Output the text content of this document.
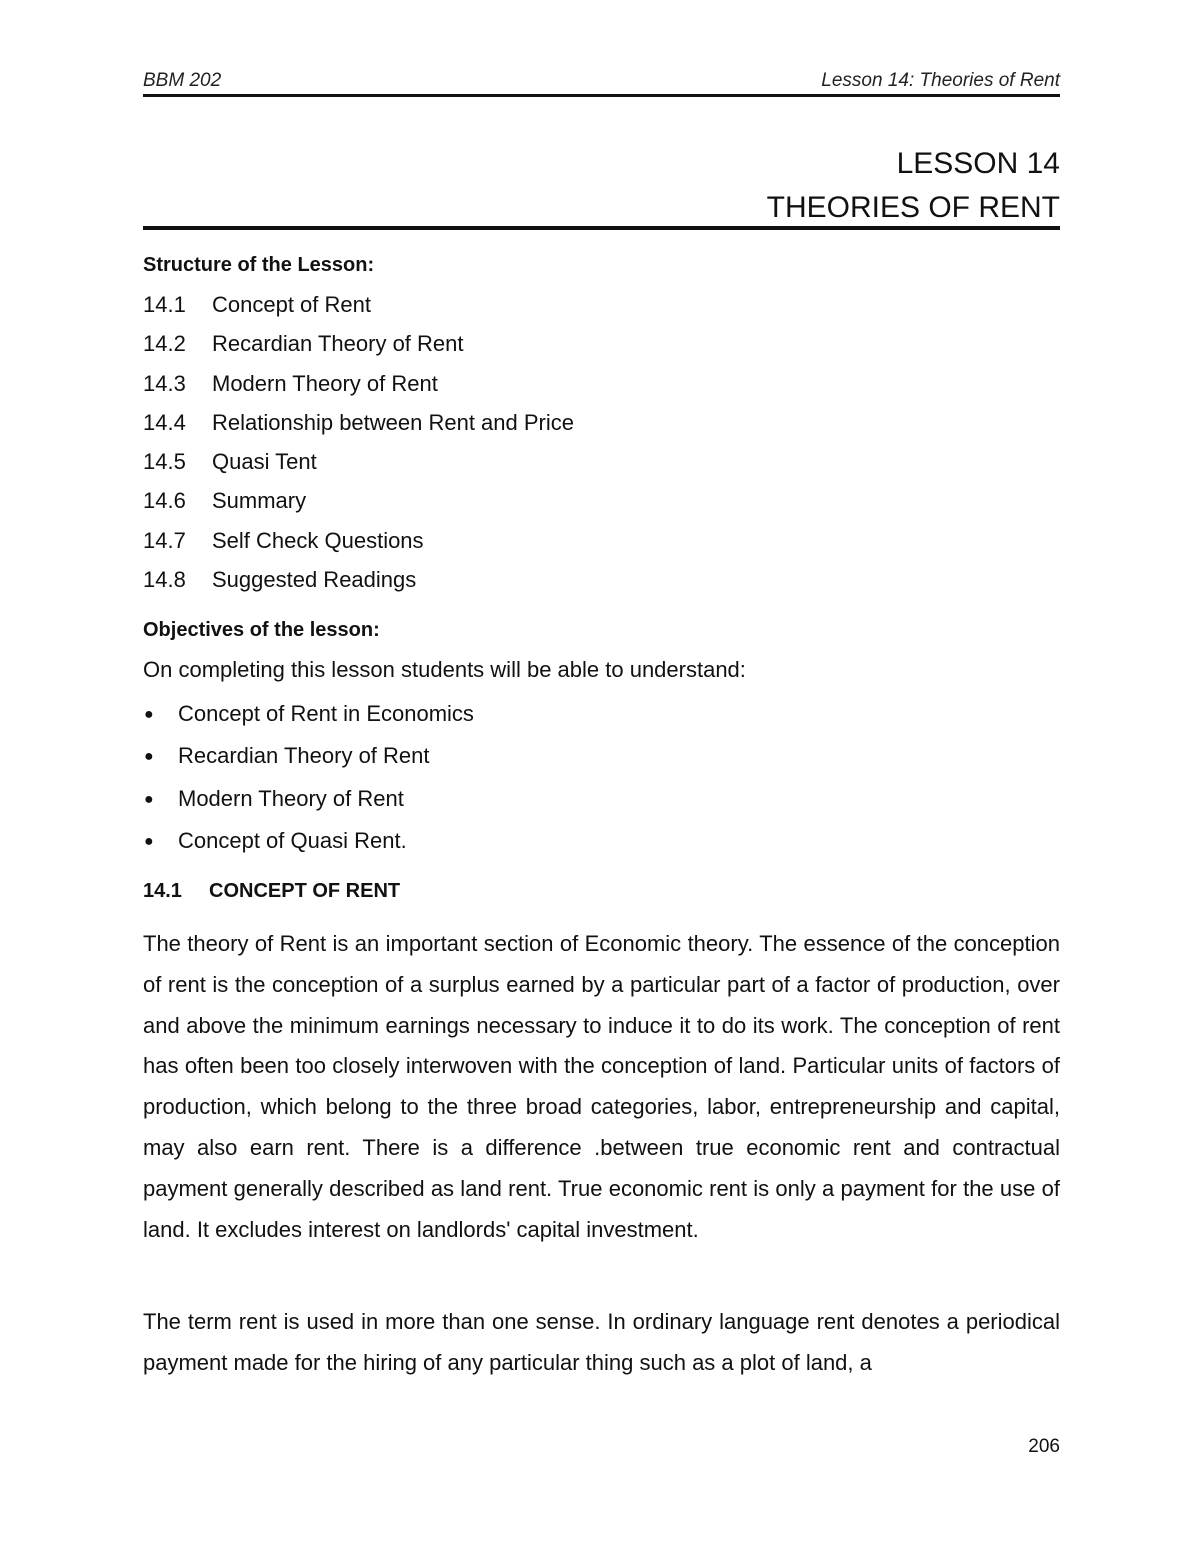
BBM 202	Lesson 14: Theories of Rent
LESSON 14
THEORIES OF RENT
Structure of the Lesson:
14.1 Concept of Rent
14.2 Recardian Theory of Rent
14.3 Modern Theory of Rent
14.4 Relationship between Rent and Price
14.5 Quasi Tent
14.6 Summary
14.7 Self Check Questions
14.8 Suggested Readings
Objectives of the lesson:
On completing this lesson students will be able to understand:
● Concept of Rent in Economics
● Recardian Theory of Rent
● Modern Theory of Rent
● Concept of Quasi Rent.
14.1 CONCEPT OF RENT

The theory of Rent is an important section of Economic theory. The essence of the conception of rent is the conception of a surplus earned by a particular part of a factor of production, over and above the minimum earnings necessary to induce it to do its work. The conception of rent has often been too closely interwoven with the conception of land. Particular units of factors of production, which belong to the three broad categories, labor, entrepreneurship and capital, may also earn rent. There is a difference .between true economic rent and contractual payment generally described as land rent. True economic rent is only a payment for the use of land. It excludes interest on landlords' capital investment.

The term rent is used in more than one sense. In ordinary language rent denotes a periodical payment made for the hiring of any particular thing such as a plot of land, a

206
